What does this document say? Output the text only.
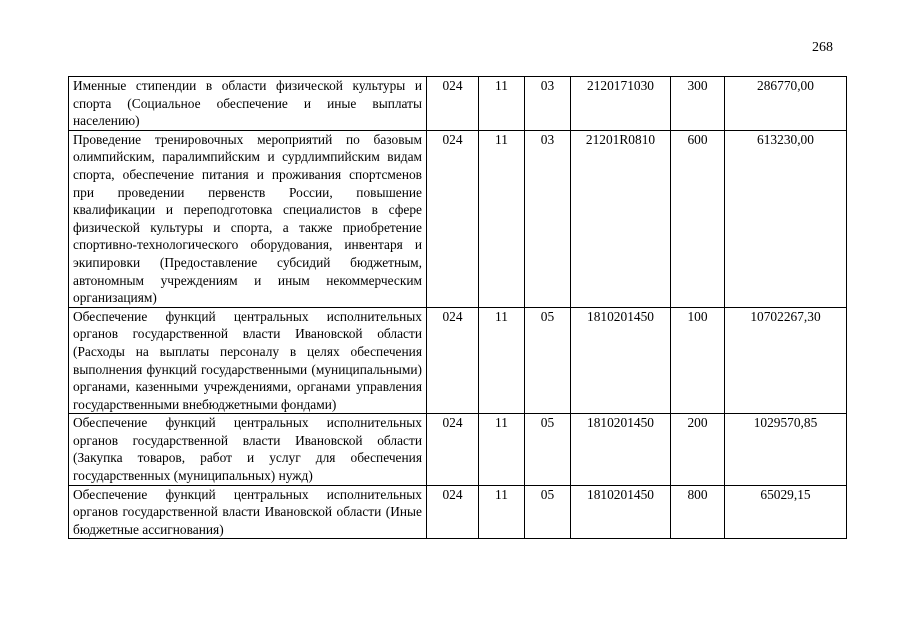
268
Именные стипендии в области физической культуры и спорта (Социальное обеспечение и иные выплаты населению)	024	11	03	2120171030	300	286770,00
Проведение тренировочных мероприятий по базовым олимпийским, паралимпийским и сурдлимпийским видам спорта, обеспечение питания и проживания спортсменов при проведении первенств России, повышение квалификации и переподготовка специалистов в сфере физической культуры и спорта, а также приобретение спортивно-технологического оборудования, инвентаря и экипировки (Предоставление субсидий бюджетным, автономным учреждениям и иным некоммерческим организациям)	024	11	03	21201R0810	600	613230,00
Обеспечение функций центральных исполнительных органов государственной власти Ивановской области (Расходы на выплаты персоналу в целях обеспечения выполнения функций государственными (муниципальными) органами, казенными учреждениями, органами управления государственными внебюджетными фондами)	024	11	05	1810201450	100	10702267,30
Обеспечение функций центральных исполнительных органов государственной власти Ивановской области (Закупка товаров, работ и услуг для обеспечения государственных (муниципальных) нужд)	024	11	05	1810201450	200	1029570,85
Обеспечение функций центральных исполнительных органов государственной власти Ивановской области (Иные бюджетные ассигнования)	024	11	05	1810201450	800	65029,15
